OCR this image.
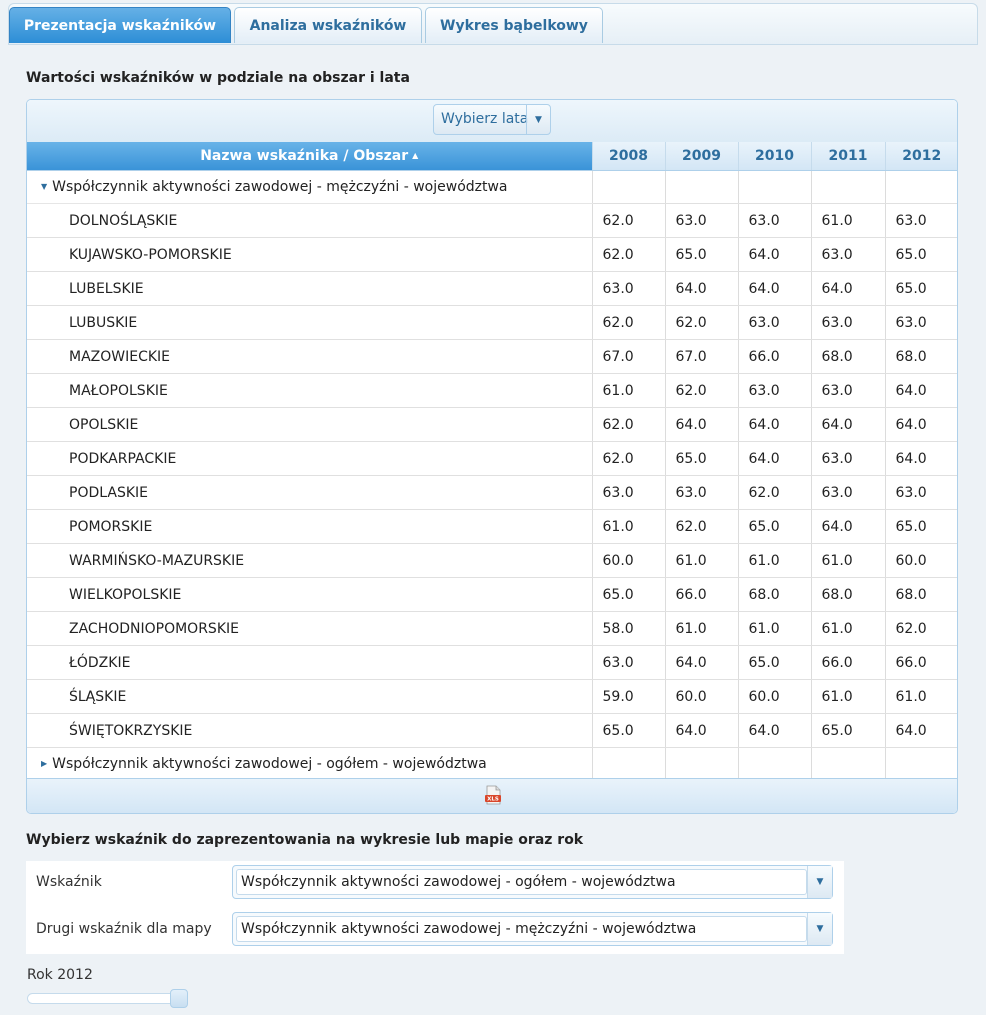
Prezentacja wskaźników	Analiza wskaźników	Wykres bąbelkowy
Wartości wskaźników w podziale na obszar i lata
Wybierz lata ▼
Nazwa wskaźnika / Obszar ▲	2008	2009	2010	2011	2012
▼ Współczynnik aktywności zawodowej - mężczyźni - województwa					
DOLNOŚLĄSKIE	62.0	63.0	63.0	61.0	63.0
KUJAWSKO-POMORSKIE	62.0	65.0	64.0	63.0	65.0
LUBELSKIE	63.0	64.0	64.0	64.0	65.0
LUBUSKIE	62.0	62.0	63.0	63.0	63.0
MAZOWIECKIE	67.0	67.0	66.0	68.0	68.0
MAŁOPOLSKIE	61.0	62.0	63.0	63.0	64.0
OPOLSKIE	62.0	64.0	64.0	64.0	64.0
PODKARPACKIE	62.0	65.0	64.0	63.0	64.0
PODLASKIE	63.0	63.0	62.0	63.0	63.0
POMORSKIE	61.0	62.0	65.0	64.0	65.0
WARMIŃSKO-MAZURSKIE	60.0	61.0	61.0	61.0	60.0
WIELKOPOLSKIE	65.0	66.0	68.0	68.0	68.0
ZACHODNIOPOMORSKIE	58.0	61.0	61.0	61.0	62.0
ŁÓDZKIE	63.0	64.0	65.0	66.0	66.0
ŚLĄSKIE	59.0	60.0	60.0	61.0	61.0
ŚWIĘTOKRZYSKIE	65.0	64.0	64.0	65.0	64.0
▶ Współczynnik aktywności zawodowej - ogółem - województwa					
XLS
Wybierz wskaźnik do zaprezentowania na wykresie lub mapie oraz rok
Wskaźnik	Współczynnik aktywności zawodowej - ogółem - województwa	▼
Drugi wskaźnik dla mapy	Współczynnik aktywności zawodowej - mężczyźni - województwa	▼
Rok 2012
